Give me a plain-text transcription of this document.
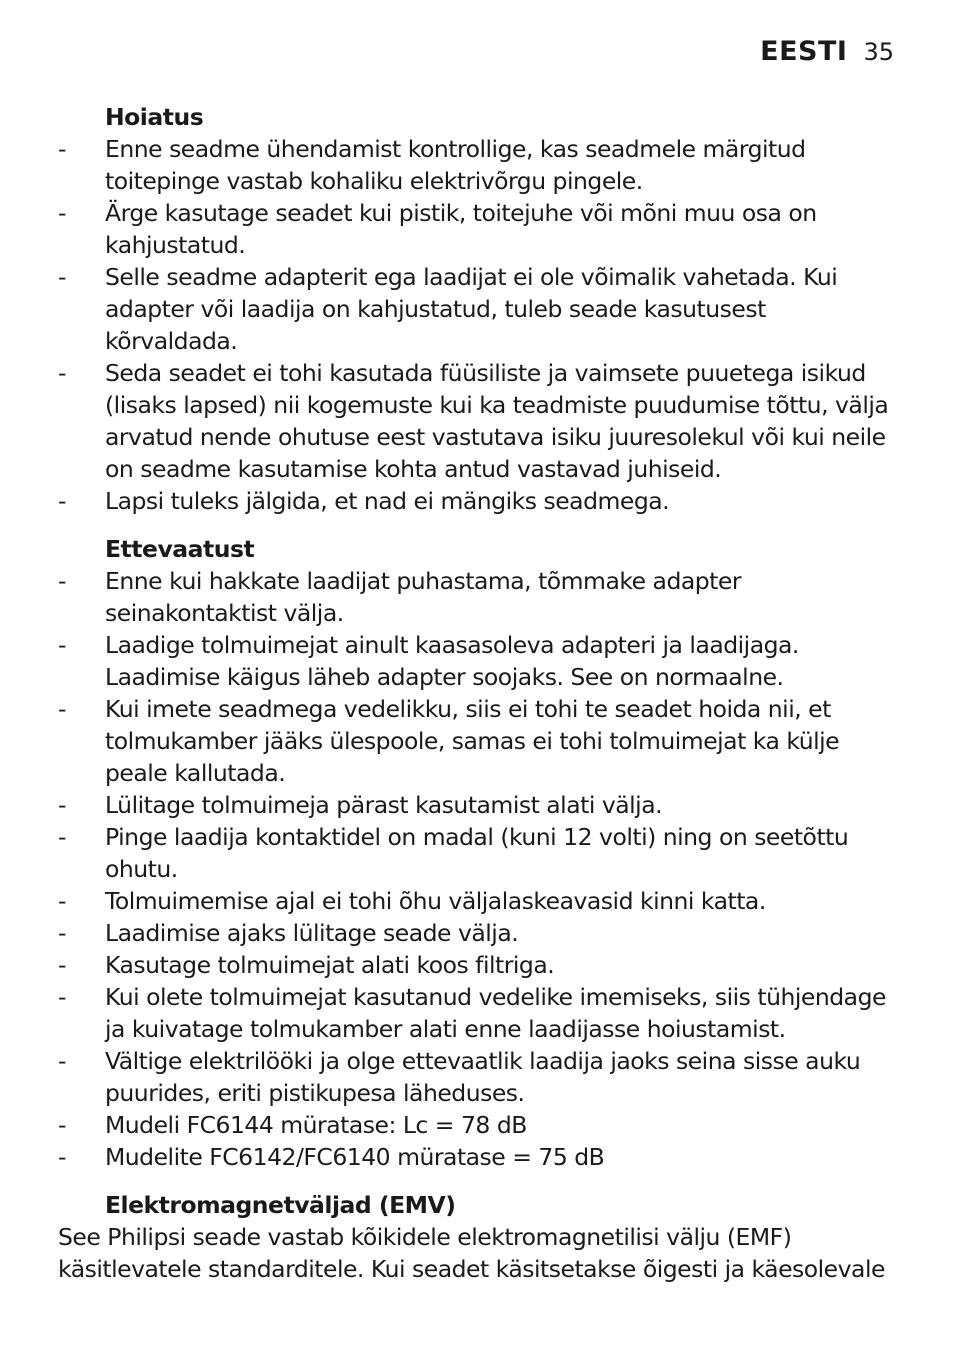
EESTI 35
Hoiatus
- Enne seadme ühendamist kontrollige, kas seadmele märgitud toitepinge vastab kohaliku elektrivõrgu pingele.
- Ärge kasutage seadet kui pistik, toitejuhe või mõni muu osa on kahjustatud.
- Selle seadme adapterit ega laadijat ei ole võimalik vahetada. Kui adapter või laadija on kahjustatud, tuleb seade kasutusest kõrvaldada.
- Seda seadet ei tohi kasutada füüsiliste ja vaimsete puuetega isikud (lisaks lapsed) nii kogemuste kui ka teadmiste puudumise tõttu, välja arvatud nende ohutuse eest vastutava isiku juuresolekul või kui neile on seadme kasutamise kohta antud vastavad juhiseid.
- Lapsi tuleks jälgida, et nad ei mängiks seadmega.
Ettevaatust
- Enne kui hakkate laadijat puhastama, tõmmake adapter seinakontaktist välja.
- Laadige tolmuimejat ainult kaasasoleva adapteri ja laadijaga. Laadimise käigus läheb adapter soojaks. See on normaalne.
- Kui imete seadmega vedelikku, siis ei tohi te seadet hoida nii, et tolmukamber jääks ülespoole, samas ei tohi tolmuimejat ka külje peale kallutada.
- Lülitage tolmuimeja pärast kasutamist alati välja.
- Pinge laadija kontaktidel on madal (kuni 12 volti) ning on seetõttu ohutu.
- Tolmuimemise ajal ei tohi õhu väljalaskeavasid kinni katta.
- Laadimise ajaks lülitage seade välja.
- Kasutage tolmuimejat alati koos filtriga.
- Kui olete tolmuimejat kasutanud vedelike imemiseks, siis tühjendage ja kuivatage tolmukamber alati enne laadijasse hoiustamist.
- Vältige elektrilööki ja olge ettevaatlik laadija jaoks seina sisse auku puurides, eriti pistikupesa läheduses.
- Mudeli FC6144 müratase: Lc = 78 dB
- Mudelite FC6142/FC6140 müratase = 75 dB
Elektromagnetväljad (EMV)

See Philipsi seade vastab kõikidele elektromagnetilisi välju (EMF) käsitlevatele standarditele. Kui seadet käsitsetakse õigesti ja käesolevale
